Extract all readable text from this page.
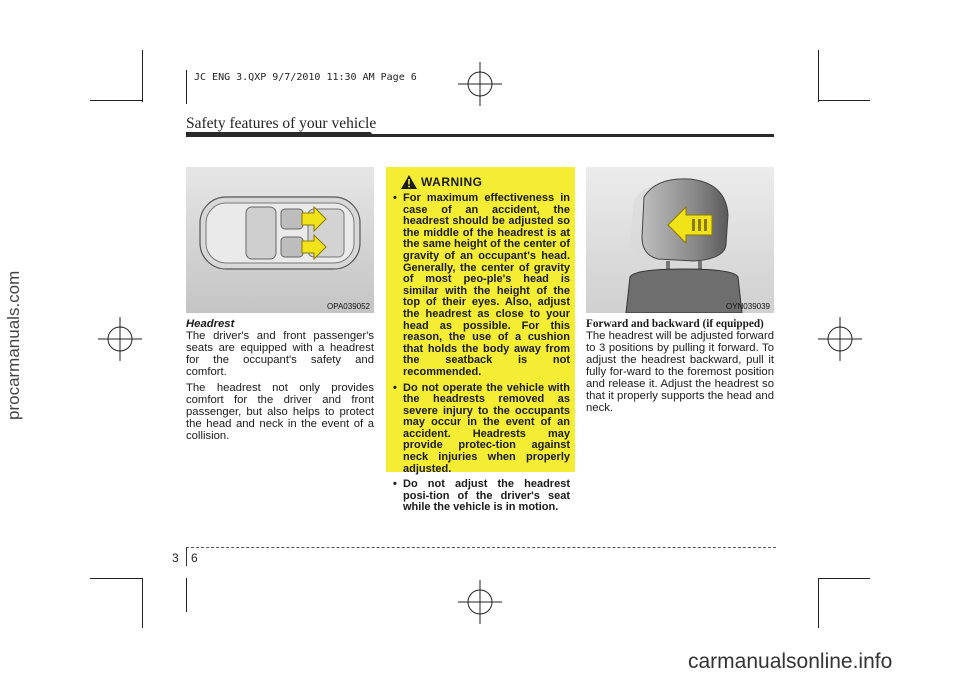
JC ENG 3.QXP 9/7/2010 11:30 AM Page 6
Safety features of your vehicle
OPA039052
Headrest

The driver's and front passenger's seats are equipped with a headrest for the occupant's safety and comfort.

The headrest not only provides comfort for the driver and front passenger, but also helps to protect the head and neck in the event of a collision.

WARNING
• For maximum effectiveness in case of an accident, the headrest should be adjusted so the middle of the headrest is at the same height of the center of gravity of an occupant's head. Generally, the center of gravity of most peo-ple's head is similar with the height of the top of their eyes. Also, adjust the headrest as close to your head as possible. For this reason, the use of a cushion that holds the body away from the seatback is not recommended.
• Do not operate the vehicle with the headrests removed as severe injury to the occupants may occur in the event of an accident. Headrests may provide protec-tion against neck injuries when properly adjusted.
• Do not adjust the headrest posi-tion of the driver's seat while the vehicle is in motion.
OYN039039
Forward and backward (if equipped)
The headrest will be adjusted forward to 3 positions by pulling it forward. To adjust the headrest backward, pull it fully for-ward to the foremost position and release it. Adjust the headrest so that it properly supports the head and neck.
3 6
procarmanuals.com
carmanualsonline.info
